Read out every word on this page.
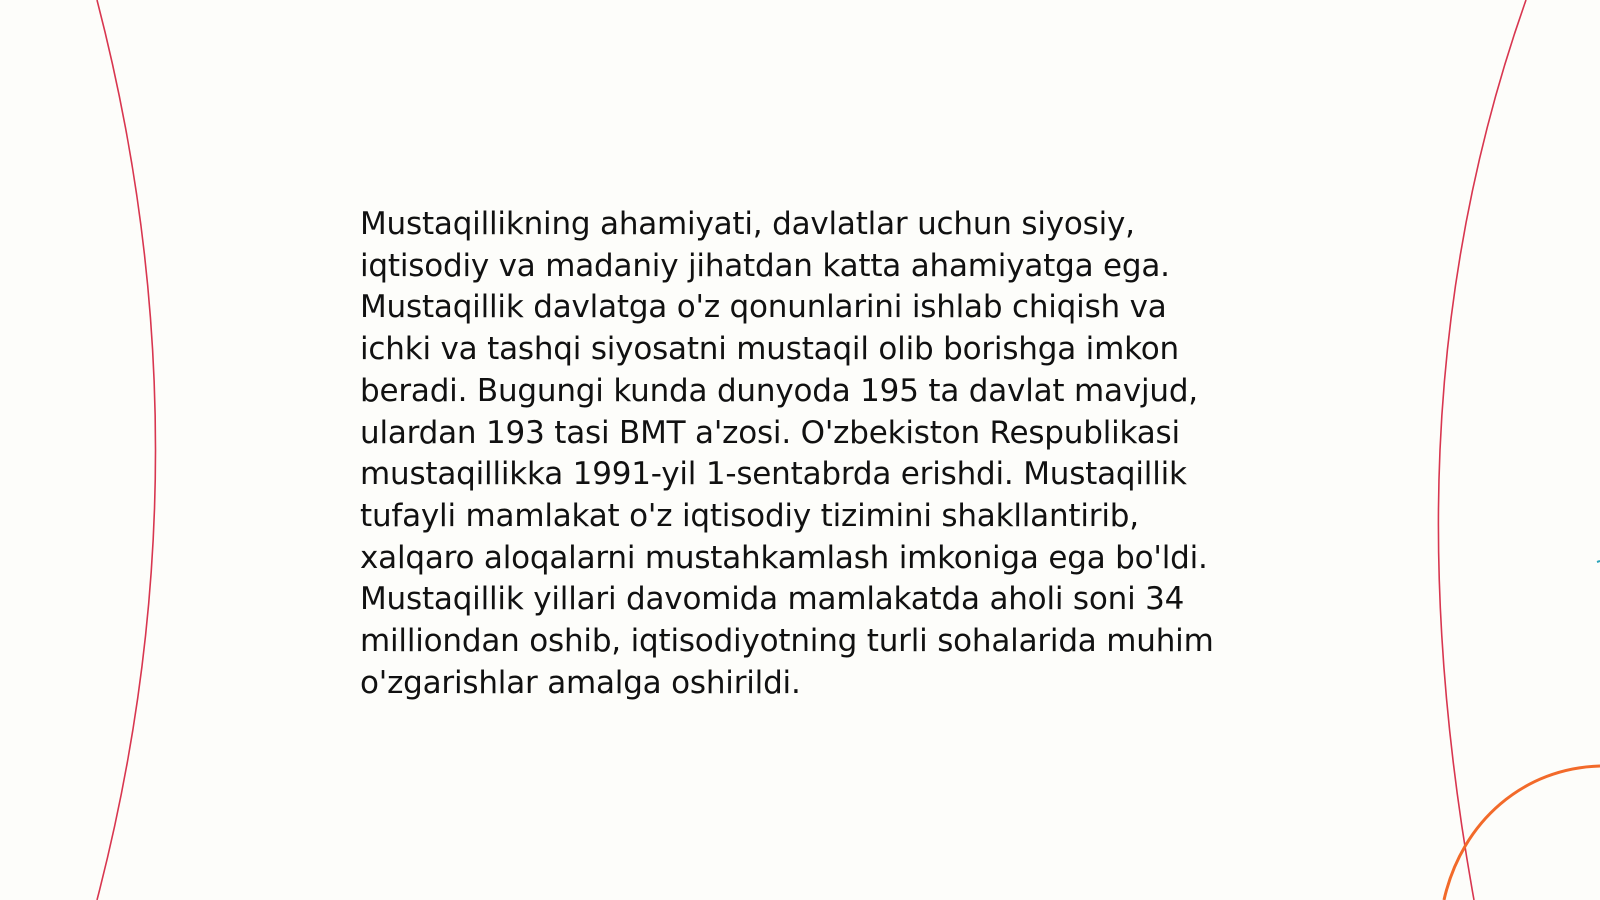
Mustaqillikning ahamiyati, davlatlar uchun siyosiy, iqtisodiy va madaniy jihatdan katta ahamiyatga ega. Mustaqillik davlatga o'z qonunlarini ishlab chiqish va ichki va tashqi siyosatni mustaqil olib borishga imkon beradi. Bugungi kunda dunyoda 195 ta davlat mavjud, ulardan 193 tasi BMT a'zosi. O'zbekiston Respublikasi mustaqillikka 1991-yil 1-sentabrda erishdi. Mustaqillik tufayli mamlakat o'z iqtisodiy tizimini shakllantirib, xalqaro aloqalarni mustahkamlash imkoniga ega bo'ldi. Mustaqillik yillari davomida mamlakatda aholi soni 34 milliondan oshib, iqtisodiyotning turli sohalarida muhim o'zgarishlar amalga oshirildi.
